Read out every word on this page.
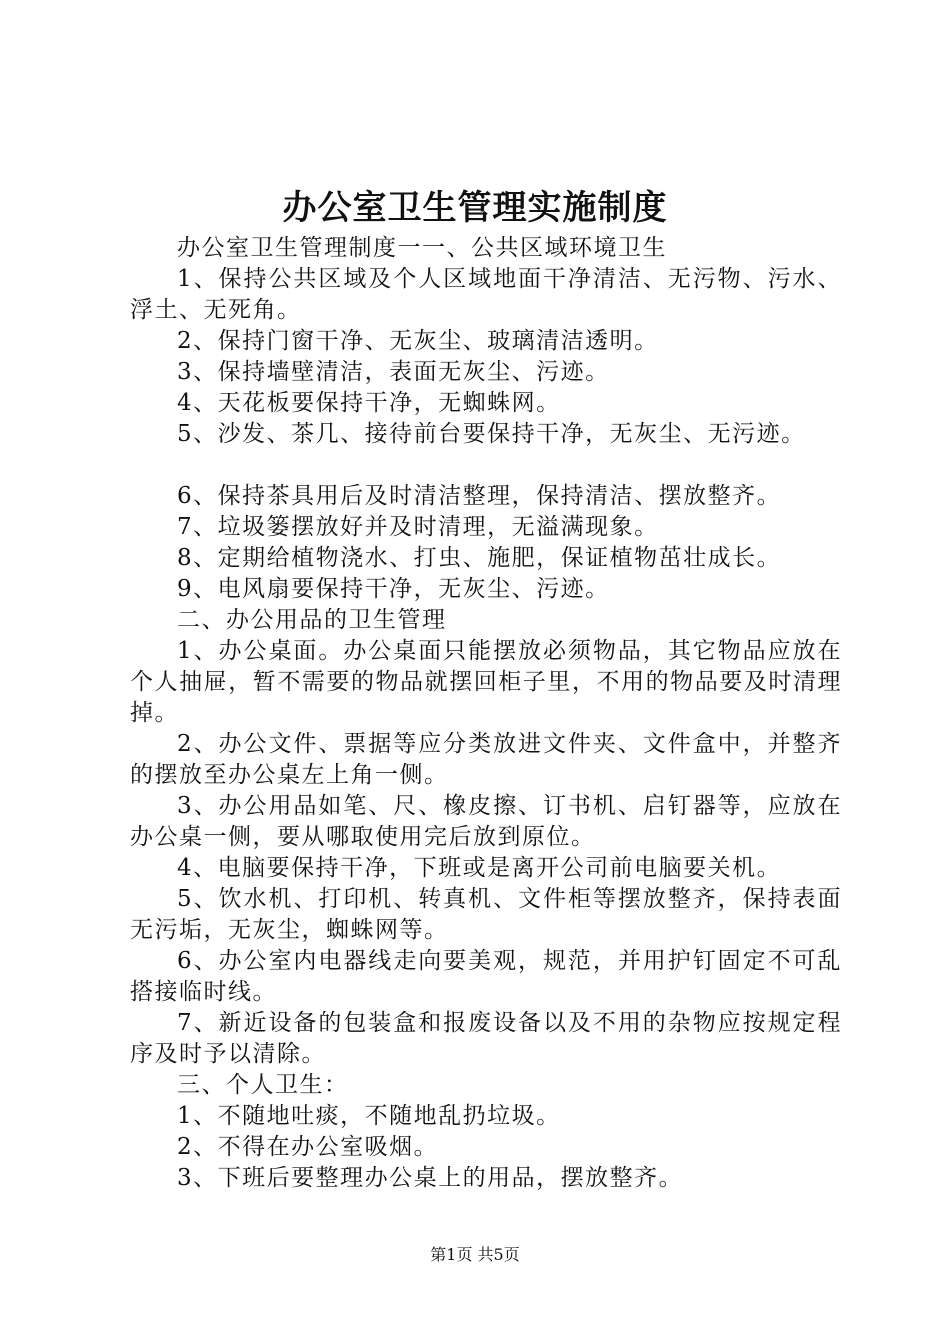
办公室卫生管理实施制度
办公室卫生管理制度一一、公共区域环境卫生

1、保持公共区域及个人区域地面干净清洁、无污物、污水、浮土、无死角。

2、保持门窗干净、无灰尘、玻璃清洁透明。
3、保持墙壁清洁，表面无灰尘、污迹。
4、天花板要保持干净，无蜘蛛网。
5、沙发、茶几、接待前台要保持干净，无灰尘、无污迹。
6、保持茶具用后及时清洁整理，保持清洁、摆放整齐。
7、垃圾篓摆放好并及时清理，无溢满现象。
8、定期给植物浇水、打虫、施肥，保证植物茁壮成长。
9、电风扇要保持干净，无灰尘、污迹。
二、办公用品的卫生管理

1、办公桌面。办公桌面只能摆放必须物品，其它物品应放在个人抽屉，暂不需要的物品就摆回柜子里，不用的物品要及时清理掉。

2、办公文件、票据等应分类放进文件夹、文件盒中，并整齐的摆放至办公桌左上角一侧。

3、办公用品如笔、尺、橡皮擦、订书机、启钉器等，应放在办公桌一侧，要从哪取使用完后放到原位。

4、电脑要保持干净，下班或是离开公司前电脑要关机。

5、饮水机、打印机、转真机、文件柜等摆放整齐，保持表面无污垢，无灰尘，蜘蛛网等。

6、办公室内电器线走向要美观，规范，并用护钉固定不可乱搭接临时线。

7、新近设备的包装盒和报废设备以及不用的杂物应按规定程序及时予以清除。

三、个人卫生：
1、不随地吐痰，不随地乱扔垃圾。
2、不得在办公室吸烟。
3、下班后要整理办公桌上的用品，摆放整齐。
第1页 共5页
